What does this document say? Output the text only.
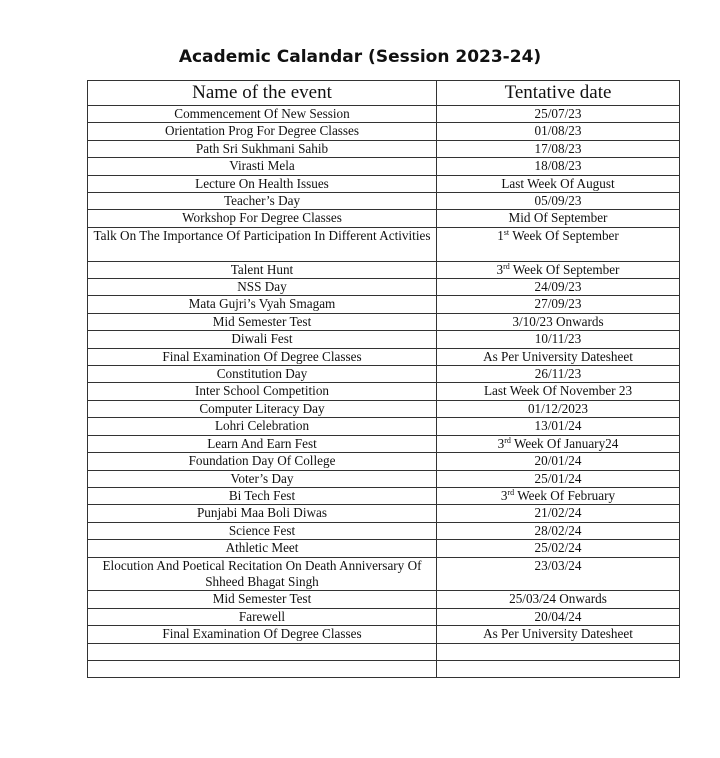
Academic Calandar (Session 2023-24)
Name of the event	Tentative date
Commencement Of New Session	25/07/23
Orientation Prog For Degree Classes	01/08/23
Path Sri Sukhmani Sahib	17/08/23
Virasti Mela	18/08/23
Lecture On Health Issues	Last Week Of August
Teacher’s Day	05/09/23
Workshop For Degree Classes	Mid Of September
Talk On The Importance Of Participation In Different Activities	1st Week Of September
Talent Hunt	3rd Week Of September
NSS Day	24/09/23
Mata Gujri’s Vyah Smagam	27/09/23
Mid Semester Test	3/10/23 Onwards
Diwali Fest	10/11/23
Final Examination Of Degree Classes	As Per University Datesheet
Constitution Day	26/11/23
Inter School Competition	Last Week Of November 23
Computer Literacy Day	01/12/2023
Lohri Celebration	13/01/24
Learn And Earn Fest	3rd Week Of January24
Foundation Day Of College	20/01/24
Voter’s Day	25/01/24
Bi Tech Fest	3rd Week Of February
Punjabi Maa Boli Diwas	21/02/24
Science Fest	28/02/24
Athletic Meet	25/02/24
Elocution And Poetical Recitation On Death Anniversary Of Shheed Bhagat Singh	23/03/24
Mid Semester Test	25/03/24 Onwards
Farewell	20/04/24
Final Examination Of Degree Classes	As Per University Datesheet
